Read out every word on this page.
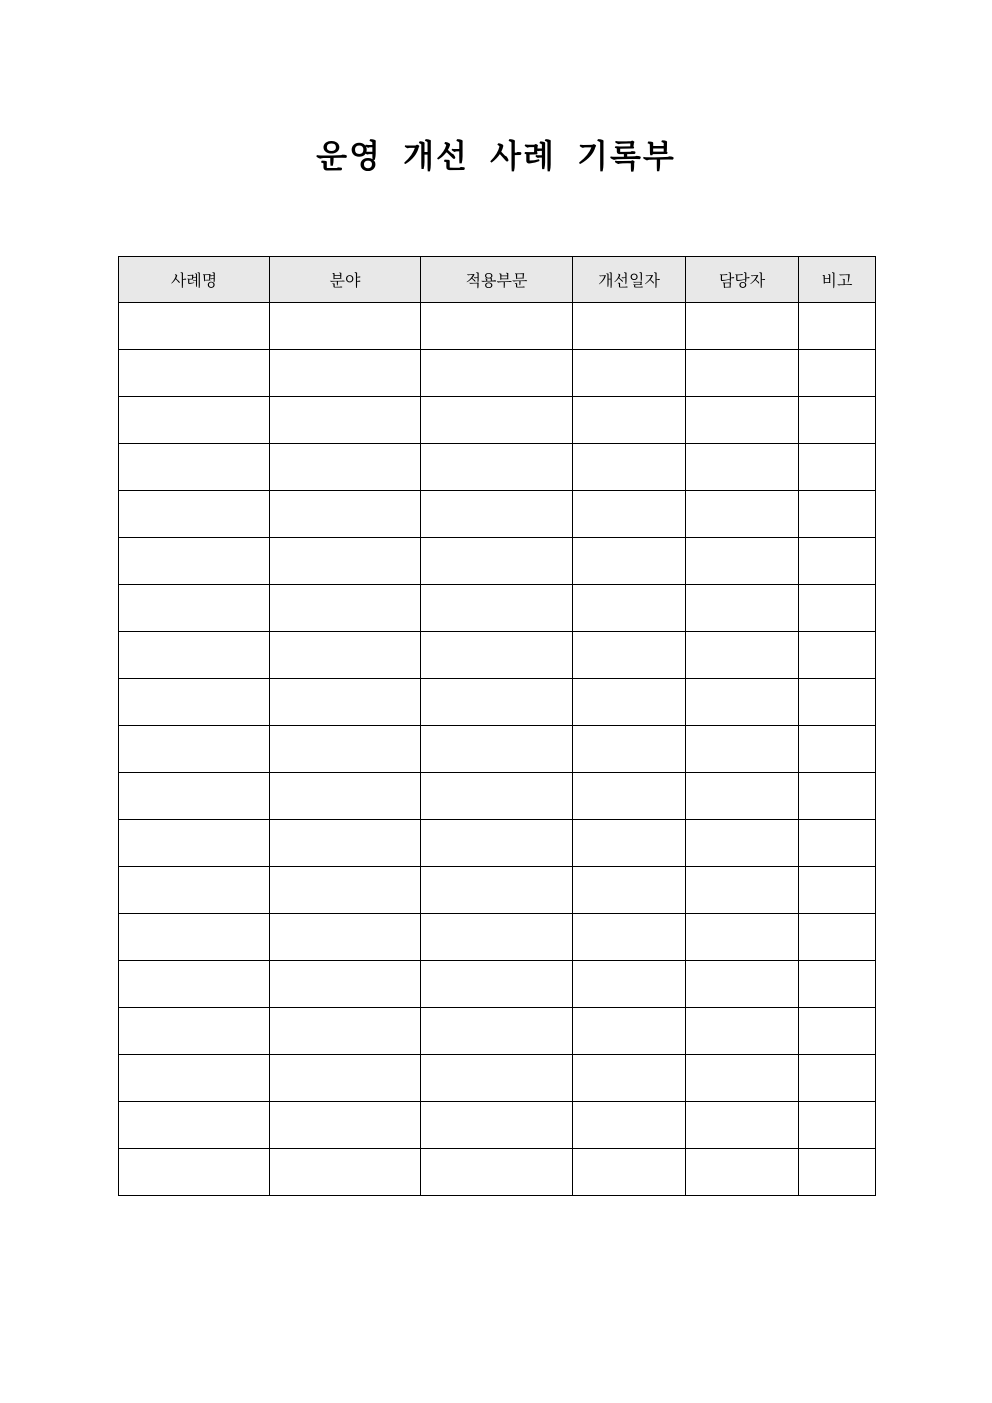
운영 개선 사례 기록부
사례명	분야	적용부문	개선일자	담당자	비고
